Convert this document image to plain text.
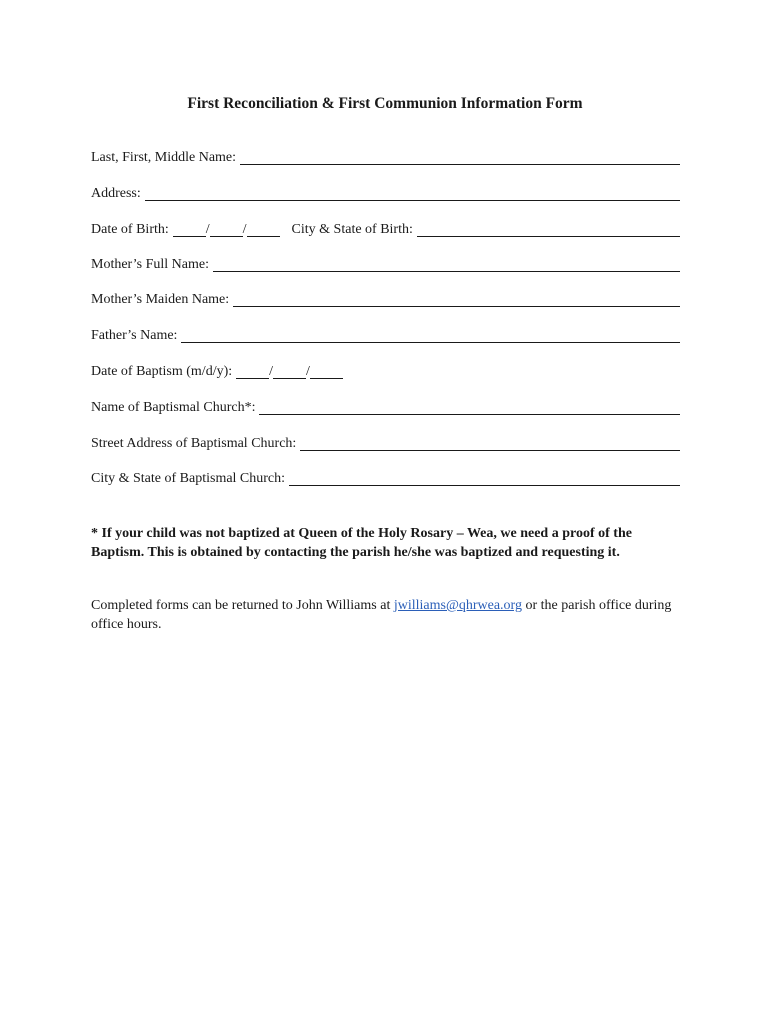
First Reconciliation & First Communion Information Form
Last, First, Middle Name:
Address:
Date of Birth:	/ /	City & State of Birth:
Mother’s Full Name:
Mother’s Maiden Name:
Father’s Name:
Date of Baptism (m/d/y):	/ /
Name of Baptismal Church*:
Street Address of Baptismal Church:
City & State of Baptismal Church:
* If your child was not baptized at Queen of the Holy Rosary – Wea, we need a proof of the Baptism. This is obtained by contacting the parish he/she was baptized and requesting it.
Completed forms can be returned to John Williams at jwilliams@qhrwea.org or the parish office during office hours.
